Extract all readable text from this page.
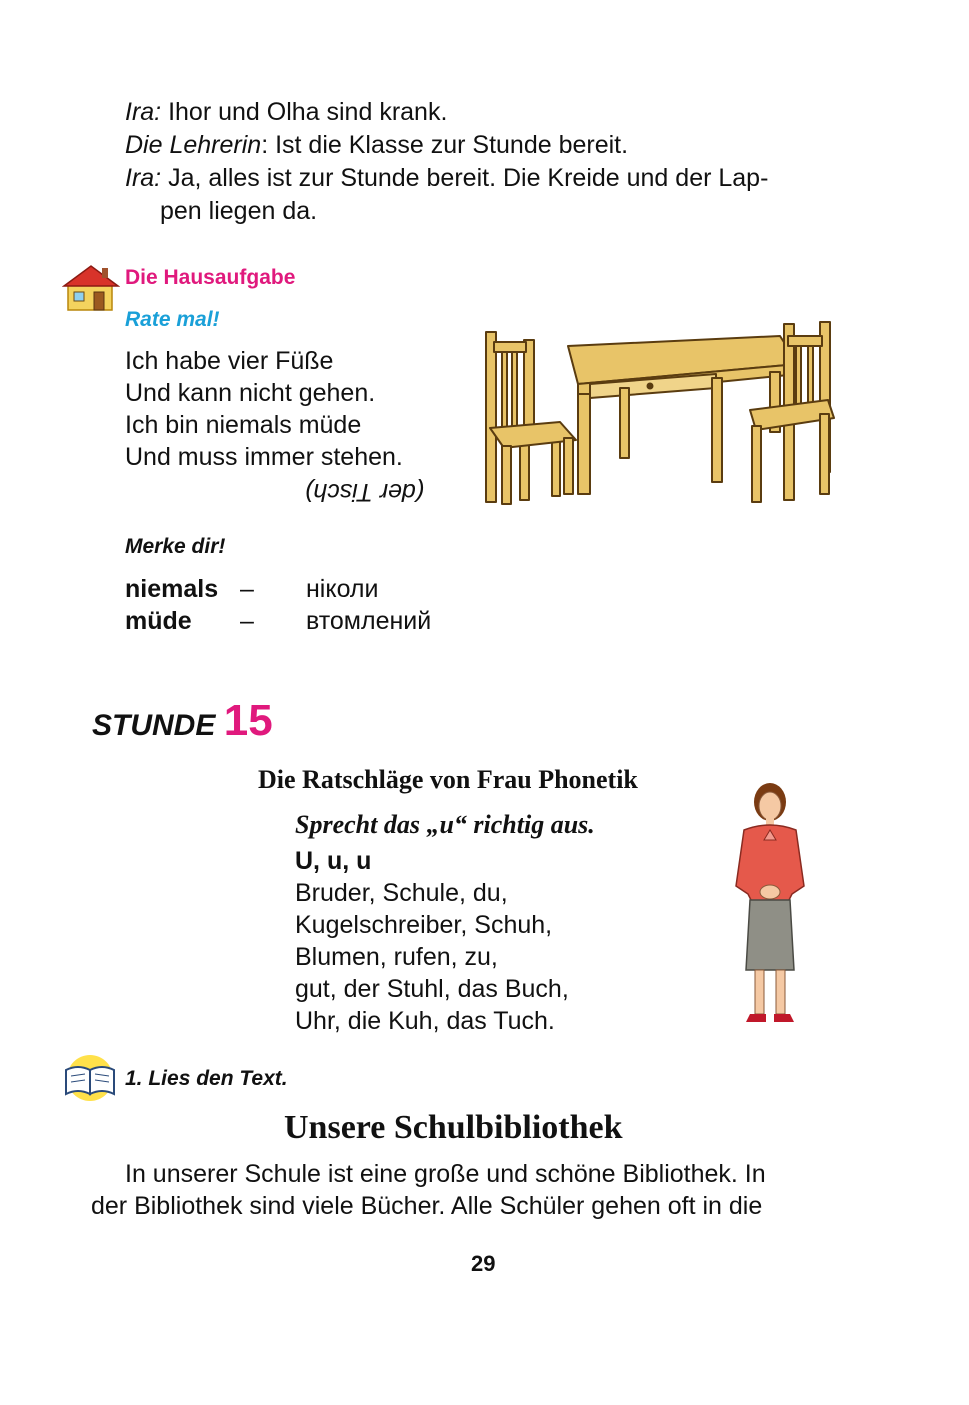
Ira: Ihor und Olha sind krank.
Die Lehrerin: Ist die Klasse zur Stunde bereit.
Ira: Ja, alles ist zur Stunde bereit. Die Kreide und der Lap-
pen liegen da.
Die Hausaufgabe
Rate mal!
Ich habe vier Füße
Und kann nicht gehen.
Ich bin niemals müde
Und muss immer stehen.
(der Tisch)
Merke dir!
niemals – ніколи
müde – втомлений
STUNDE 15
Die Ratschläge von Frau Phonetik
Sprecht das „u“ richtig aus.
U, u, u
Bruder, Schule, du,
Kugelschreiber, Schuh,
Blumen, rufen, zu,
gut, der Stuhl, das Buch,
Uhr, die Kuh, das Tuch.
1. Lies den Text.
Unsere Schulbibliothek
In unserer Schule ist eine große und schöne Bibliothek. In
der Bibliothek sind viele Bücher. Alle Schüler gehen oft in die
29
